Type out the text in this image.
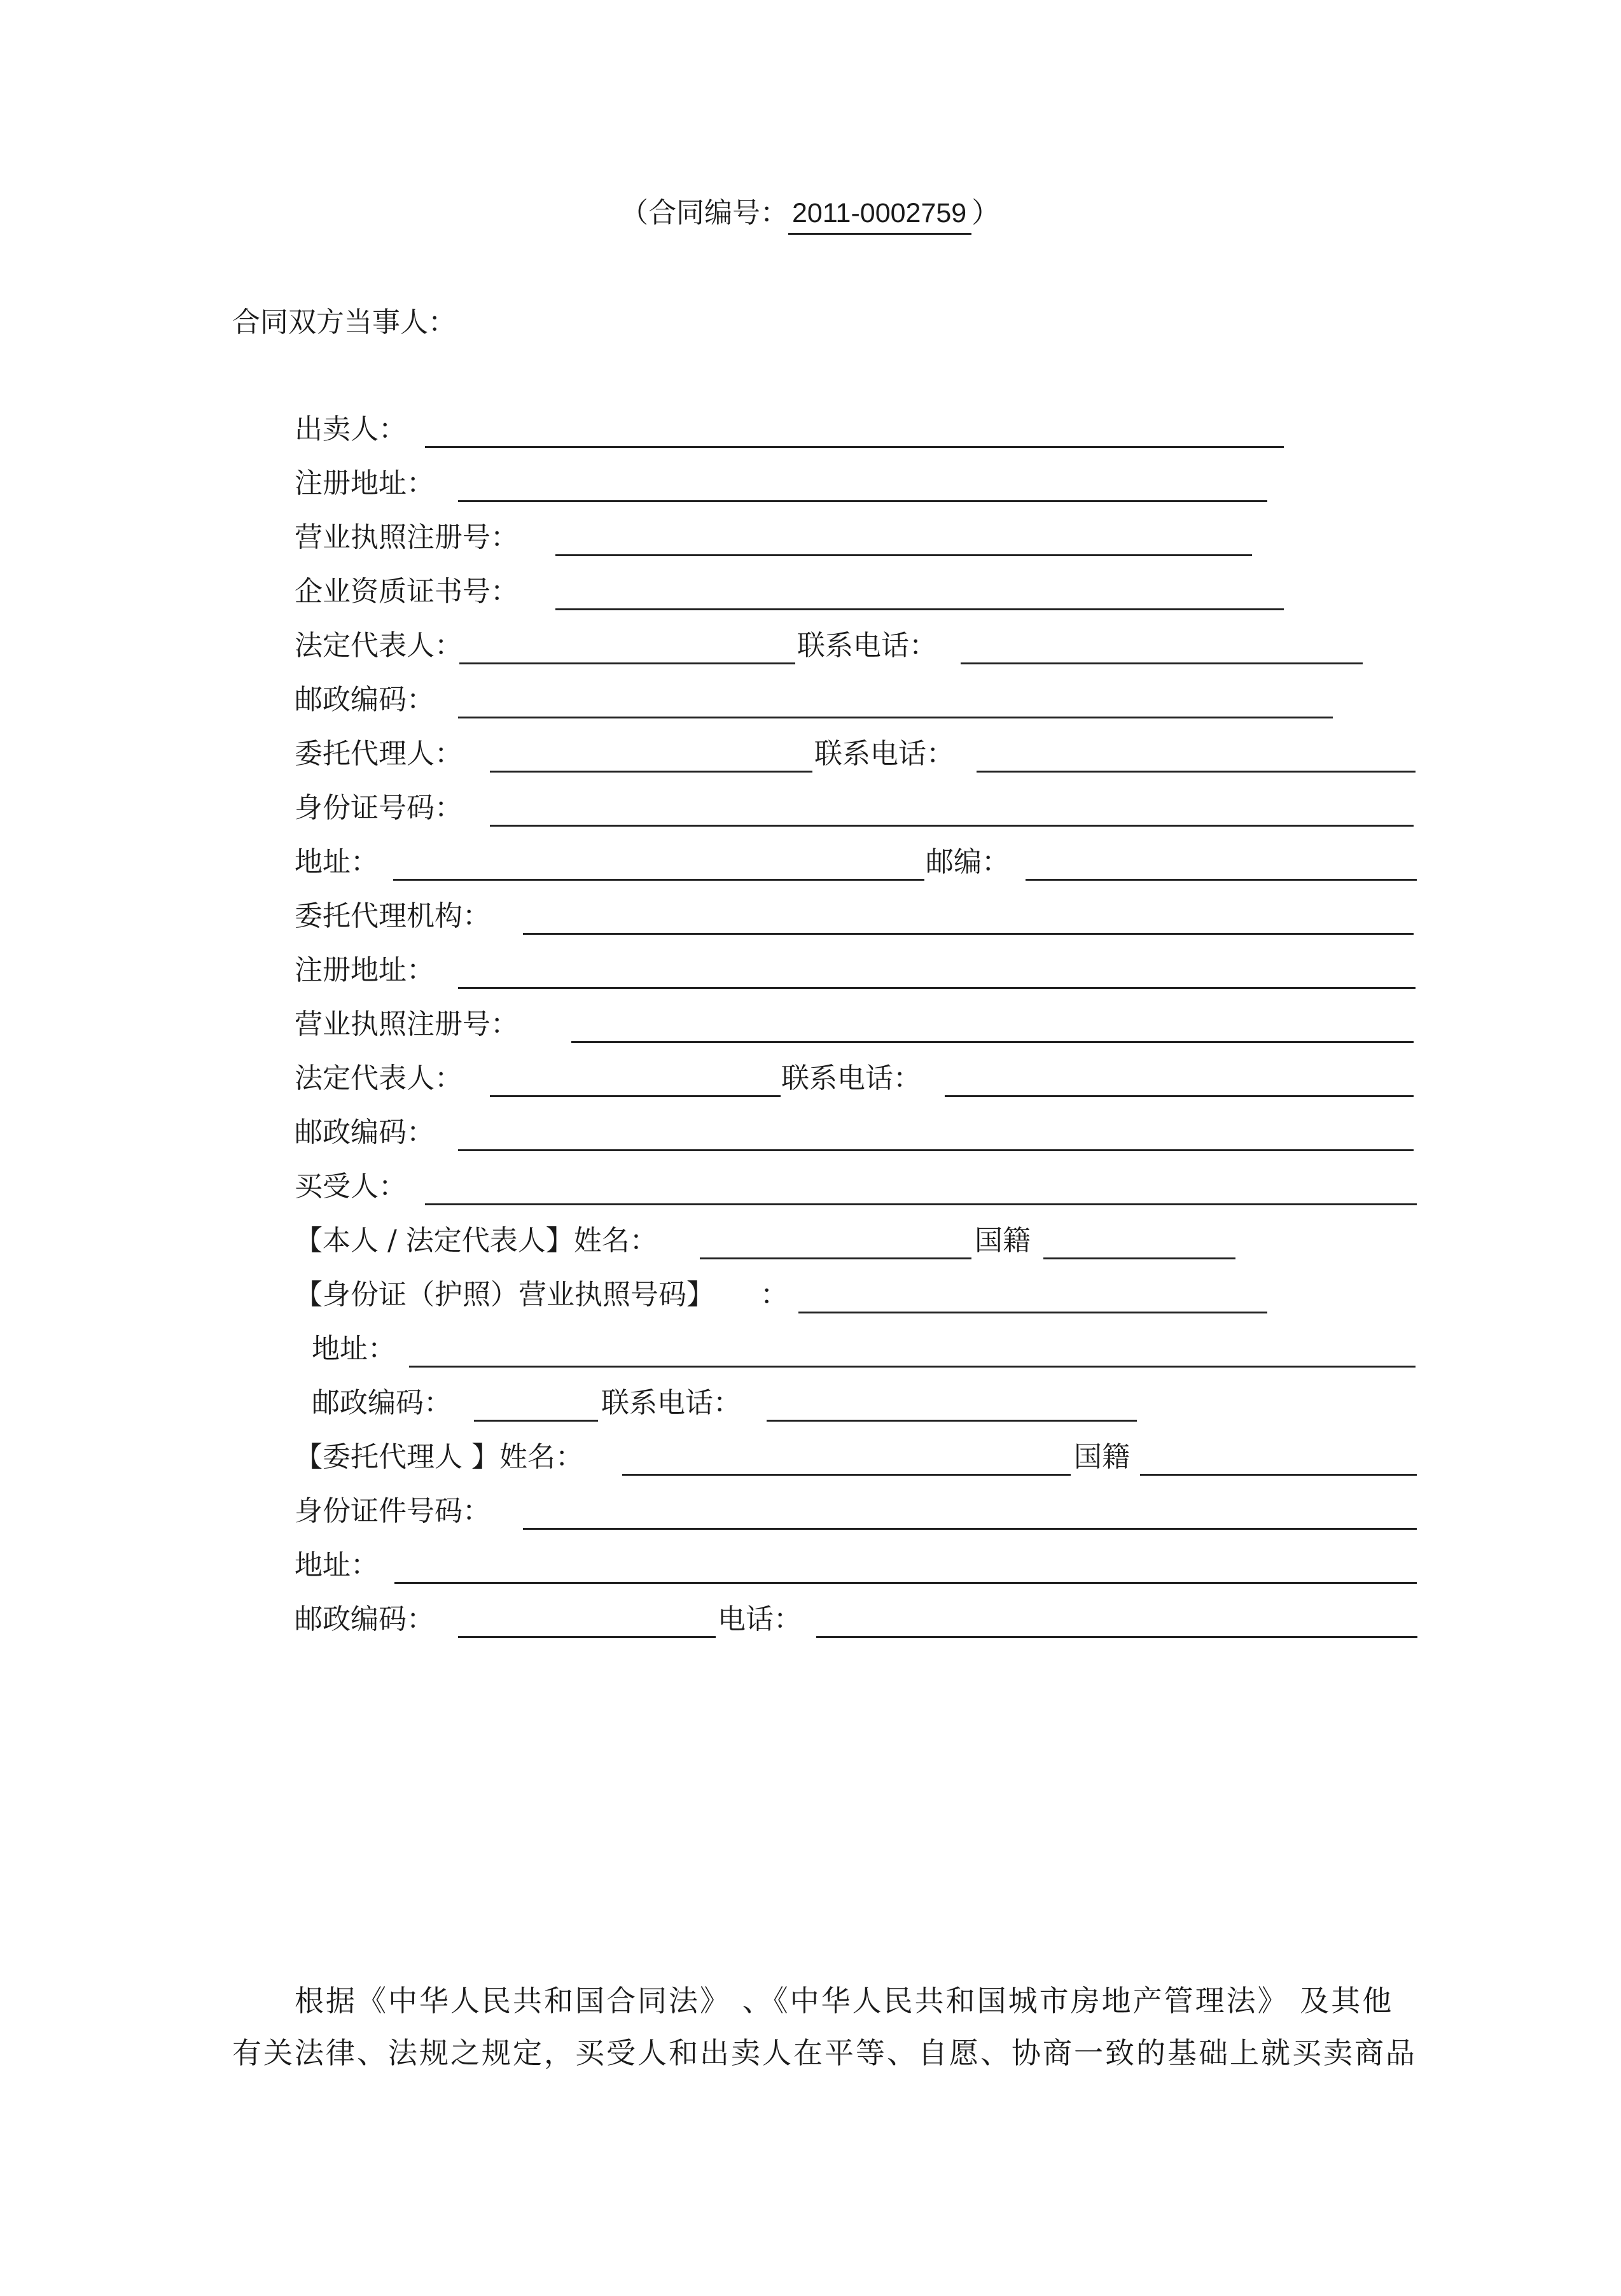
（合同编号： 2011-0002759 ）
合同双方当事人：
出卖人：
注册地址：
营业执照注册号：
企业资质证书号：
法定代表人：	联系电话：
邮政编码：
委托代理人：	联系电话：
身份证号码：
地址：	邮编：
委托代理机构：
注册地址：
营业执照注册号：
法定代表人：	联系电话：
邮政编码：
买受人：
【本人 / 法定代表人】姓名：	国籍
【身份证（护照）营业执照号码】 ：
地址：
邮政编码：	联系电话：
【委托代理人 】姓名：	国籍
身份证件号码：
地址：
邮政编码：	电话：
根据《中华人民共和国合同法》 、《中华人民共和国城市房地产管理法》 及其他
有关法律、法规之规定，买受人和出卖人在平等、自愿、协商一致的基础上就买卖商品
